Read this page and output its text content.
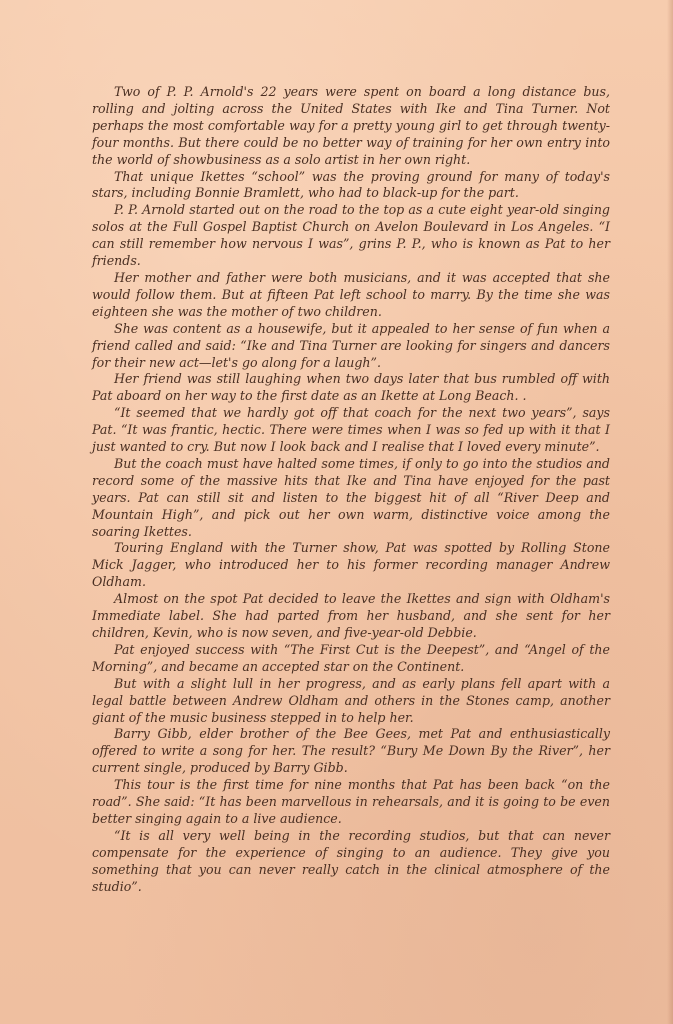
Two of P. P. Arnold's 22 years were spent on board a long distance bus, rolling and jolting across the United States with Ike and Tina Turner. Not perhaps the most comfortable way for a pretty young girl to get through twenty-four months. But there could be no better way of training for her own entry into the world of showbusiness as a solo artist in her own right.

That unique Ikettes “school” was the proving ground for many of today's stars, including Bonnie Bramlett, who had to black-up for the part.

P. P. Arnold started out on the road to the top as a cute eight year-old singing solos at the Full Gospel Baptist Church on Avelon Boulevard in Los Angeles. “I can still remember how nervous I was”, grins P. P., who is known as Pat to her friends.

Her mother and father were both musicians, and it was accepted that she would follow them. But at fifteen Pat left school to marry. By the time she was eighteen she was the mother of two children.

She was content as a housewife, but it appealed to her sense of fun when a friend called and said: “Ike and Tina Turner are looking for singers and dancers for their new act—let's go along for a laugh”.

Her friend was still laughing when two days later that bus rumbled off with Pat aboard on her way to the first date as an Ikette at Long Beach. .

“It seemed that we hardly got off that coach for the next two years”, says Pat. “It was frantic, hectic. There were times when I was so fed up with it that I just wanted to cry. But now I look back and I realise that I loved every minute”.

But the coach must have halted some times, if only to go into the studios and record some of the massive hits that Ike and Tina have enjoyed for the past years. Pat can still sit and listen to the biggest hit of all “River Deep and Mountain High”, and pick out her own warm, distinctive voice among the soaring Ikettes.

Touring England with the Turner show, Pat was spotted by Rolling Stone Mick Jagger, who introduced her to his former recording manager Andrew Oldham.

Almost on the spot Pat decided to leave the Ikettes and sign with Oldham's Immediate label. She had parted from her husband, and she sent for her children, Kevin, who is now seven, and five-year-old Debbie.

Pat enjoyed success with “The First Cut is the Deepest”, and “Angel of the Morning”, and became an accepted star on the Continent.

But with a slight lull in her progress, and as early plans fell apart with a legal battle between Andrew Oldham and others in the Stones camp, another giant of the music business stepped in to help her.

Barry Gibb, elder brother of the Bee Gees, met Pat and enthusiastically offered to write a song for her. The result? “Bury Me Down By the River”, her current single, produced by Barry Gibb.

This tour is the first time for nine months that Pat has been back “on the road”. She said: “It has been marvellous in rehearsals, and it is going to be even better singing again to a live audience.

“It is all very well being in the recording studios, but that can never compensate for the experience of singing to an audience. They give you something that you can never really catch in the clinical atmosphere of the studio”.
